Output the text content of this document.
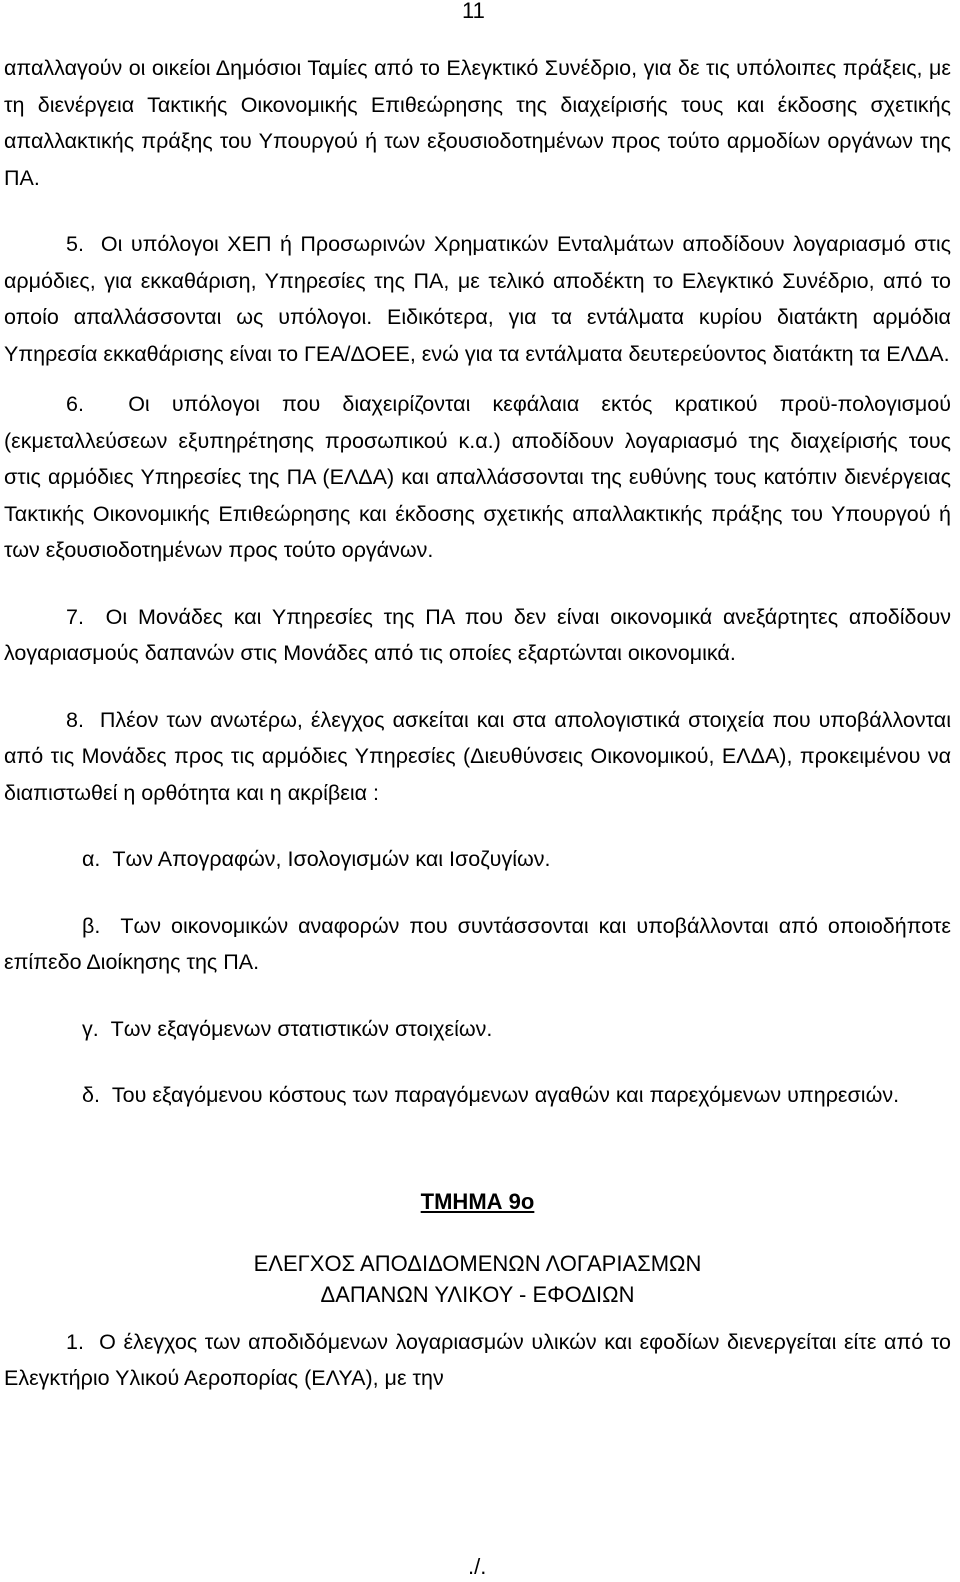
11

απαλλαγούν οι οικείοι Δημόσιοι Ταμίες από το Ελεγκτικό Συνέδριο, για δε τις υπόλοιπες πράξεις, με τη διενέργεια Τακτικής Οικονομικής Επιθεώρησης της διαχείρισής τους και έκδοσης σχετικής απαλλακτικής πράξης του Υπουργού ή των εξουσιοδοτημένων προς τούτο αρμοδίων οργάνων της ΠΑ.

5.  Οι υπόλογοι ΧΕΠ ή Προσωρινών Χρηματικών Ενταλμάτων αποδίδουν λογαριασμό στις αρμόδιες, για εκκαθάριση, Υπηρεσίες της ΠΑ, με τελικό αποδέκτη το Ελεγκτικό Συνέδριο, από το οποίο απαλλάσσονται ως υπόλογοι. Ειδικότερα, για τα εντάλματα κυρίου διατάκτη αρμόδια Υπηρεσία εκκαθάρισης είναι το ΓΕΑ/ΔΟΕΕ, ενώ για τα εντάλματα δευτερεύοντος διατάκτη τα ΕΛΔΑ.

6.  Οι υπόλογοι που διαχειρίζονται κεφάλαια εκτός κρατικού προϋ-πολογισμού (εκμεταλλεύσεων εξυπηρέτησης προσωπικού κ.α.) αποδίδουν λογαριασμό της διαχείρισής τους στις αρμόδιες Υπηρεσίες της ΠΑ (ΕΛΔΑ) και απαλλάσσονται της ευθύνης τους κατόπιν διενέργειας Τακτικής Οικονομικής Επιθεώρησης και έκδοσης σχετικής απαλλακτικής πράξης του Υπουργού ή των εξουσιοδοτημένων προς τούτο οργάνων.

7.  Οι Μονάδες και Υπηρεσίες της ΠΑ που δεν είναι οικονομικά ανεξάρτητες αποδίδουν λογαριασμούς δαπανών στις Μονάδες από τις οποίες εξαρτώνται οικονομικά.

8.  Πλέον των ανωτέρω, έλεγχος ασκείται και στα απολογιστικά στοιχεία που υποβάλλονται από τις Μονάδες προς τις αρμόδιες Υπηρεσίες (Διευθύνσεις Οικονομικού, ΕΛΔΑ), προκειμένου να διαπιστωθεί η ορθότητα και η ακρίβεια :

α.  Των Απογραφών, Ισολογισμών και Ισοζυγίων.

β.  Των οικονομικών αναφορών που συντάσσονται και υποβάλλονται από οποιοδήποτε επίπεδο Διοίκησης της ΠΑ.

γ.  Των εξαγόμενων στατιστικών στοιχείων.

δ.  Του εξαγόμενου κόστους των παραγόμενων αγαθών και παρεχόμενων υπηρεσιών.

ΤΜΗΜΑ 9ο

ΕΛΕΓΧΟΣ ΑΠΟΔΙΔΟΜΕΝΩΝ ΛΟΓΑΡΙΑΣΜΩΝ

ΔΑΠΑΝΩΝ ΥΛΙΚΟΥ - ΕΦΟΔΙΩΝ

1.  Ο έλεγχος των αποδιδόμενων λογαριασμών υλικών και εφοδίων διενεργείται είτε από το Ελεγκτήριο Υλικού Αεροπορίας (ΕΛΥΑ), με την

./.
